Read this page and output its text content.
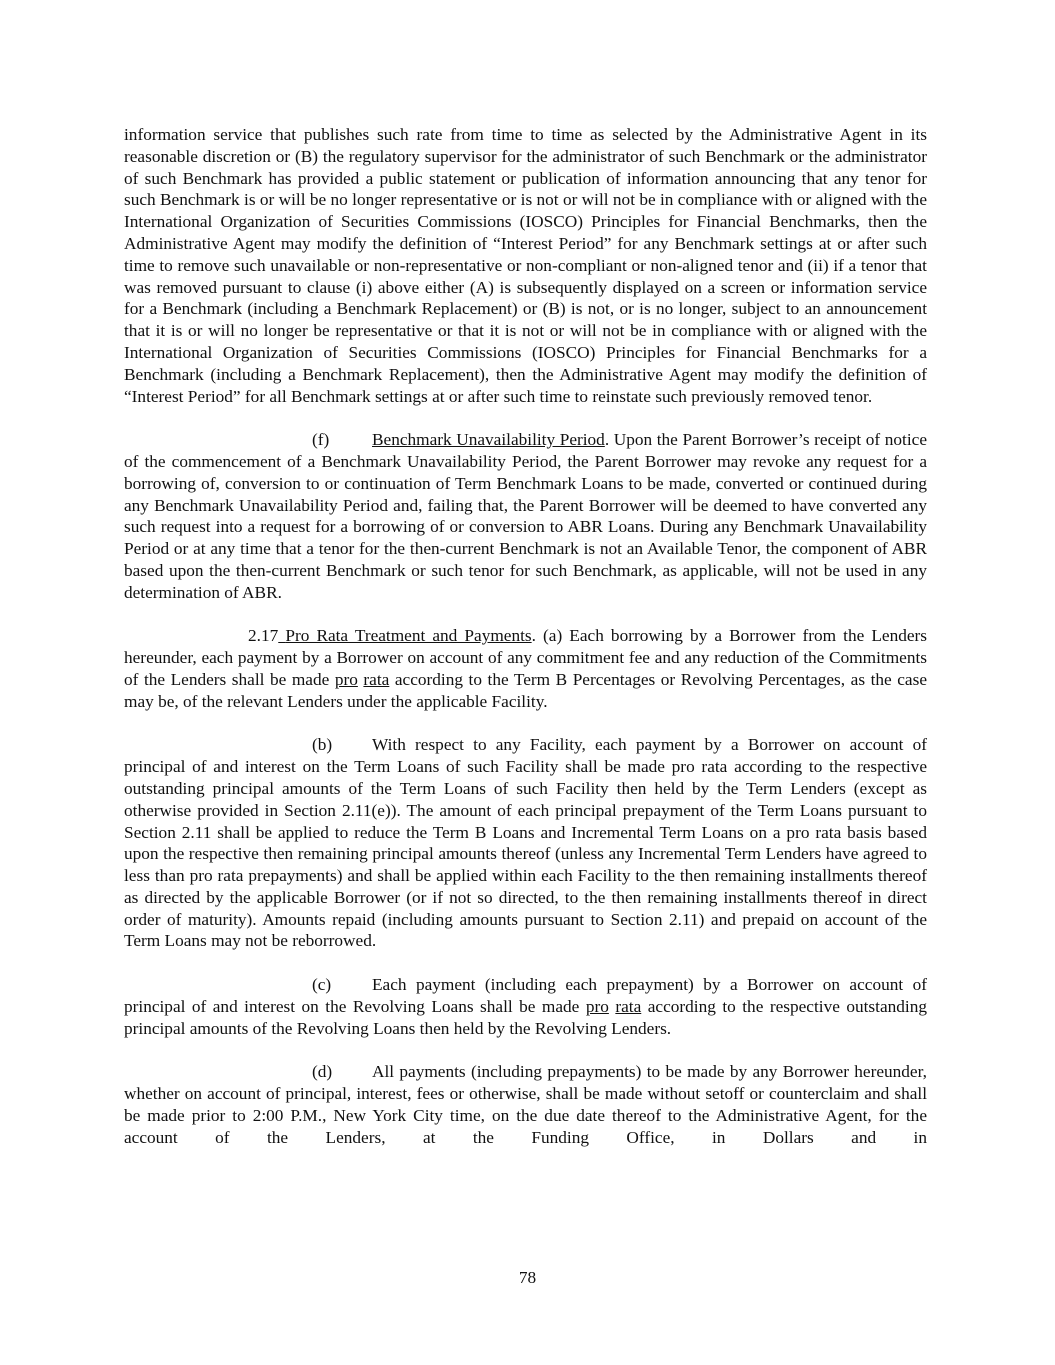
information service that publishes such rate from time to time as selected by the Administrative Agent in its reasonable discretion or (B) the regulatory supervisor for the administrator of such Benchmark or the administrator of such Benchmark has provided a public statement or publication of information announcing that any tenor for such Benchmark is or will be no longer representative or is not or will not be in compliance with or aligned with the International Organization of Securities Commissions (IOSCO) Principles for Financial Benchmarks, then the Administrative Agent may modify the definition of “Interest Period” for any Benchmark settings at or after such time to remove such unavailable or non-representative or non-compliant or non-aligned tenor and (ii) if a tenor that was removed pursuant to clause (i) above either (A) is subsequently displayed on a screen or information service for a Benchmark (including a Benchmark Replacement) or (B) is not, or is no longer, subject to an announcement that it is or will no longer be representative or that it is not or will not be in compliance with or aligned with the International Organization of Securities Commissions (IOSCO) Principles for Financial Benchmarks for a Benchmark (including a Benchmark Replacement), then the Administrative Agent may modify the definition of “Interest Period” for all Benchmark settings at or after such time to reinstate such previously removed tenor.

(f) Benchmark Unavailability Period. Upon the Parent Borrower’s receipt of notice of the commencement of a Benchmark Unavailability Period, the Parent Borrower may revoke any request for a borrowing of, conversion to or continuation of Term Benchmark Loans to be made, converted or continued during any Benchmark Unavailability Period and, failing that, the Parent Borrower will be deemed to have converted any such request into a request for a borrowing of or conversion to ABR Loans. During any Benchmark Unavailability Period or at any time that a tenor for the then-current Benchmark is not an Available Tenor, the component of ABR based upon the then-current Benchmark or such tenor for such Benchmark, as applicable, will not be used in any determination of ABR.

2.17 Pro Rata Treatment and Payments. (a) Each borrowing by a Borrower from the Lenders hereunder, each payment by a Borrower on account of any commitment fee and any reduction of the Commitments of the Lenders shall be made pro rata according to the Term B Percentages or Revolving Percentages, as the case may be, of the relevant Lenders under the applicable Facility.

(b) With respect to any Facility, each payment by a Borrower on account of principal of and interest on the Term Loans of such Facility shall be made pro rata according to the respective outstanding principal amounts of the Term Loans of such Facility then held by the Term Lenders (except as otherwise provided in Section 2.11(e)). The amount of each principal prepayment of the Term Loans pursuant to Section 2.11 shall be applied to reduce the Term B Loans and Incremental Term Loans on a pro rata basis based upon the respective then remaining principal amounts thereof (unless any Incremental Term Lenders have agreed to less than pro rata prepayments) and shall be applied within each Facility to the then remaining installments thereof as directed by the applicable Borrower (or if not so directed, to the then remaining installments thereof in direct order of maturity). Amounts repaid (including amounts pursuant to Section 2.11) and prepaid on account of the Term Loans may not be reborrowed.

(c) Each payment (including each prepayment) by a Borrower on account of principal of and interest on the Revolving Loans shall be made pro rata according to the respective outstanding principal amounts of the Revolving Loans then held by the Revolving Lenders.

(d) All payments (including prepayments) to be made by any Borrower hereunder, whether on account of principal, interest, fees or otherwise, shall be made without setoff or counterclaim and shall be made prior to 2:00 P.M., New York City time, on the due date thereof to the Administrative Agent, for the account of the Lenders, at the Funding Office, in Dollars and in

78
